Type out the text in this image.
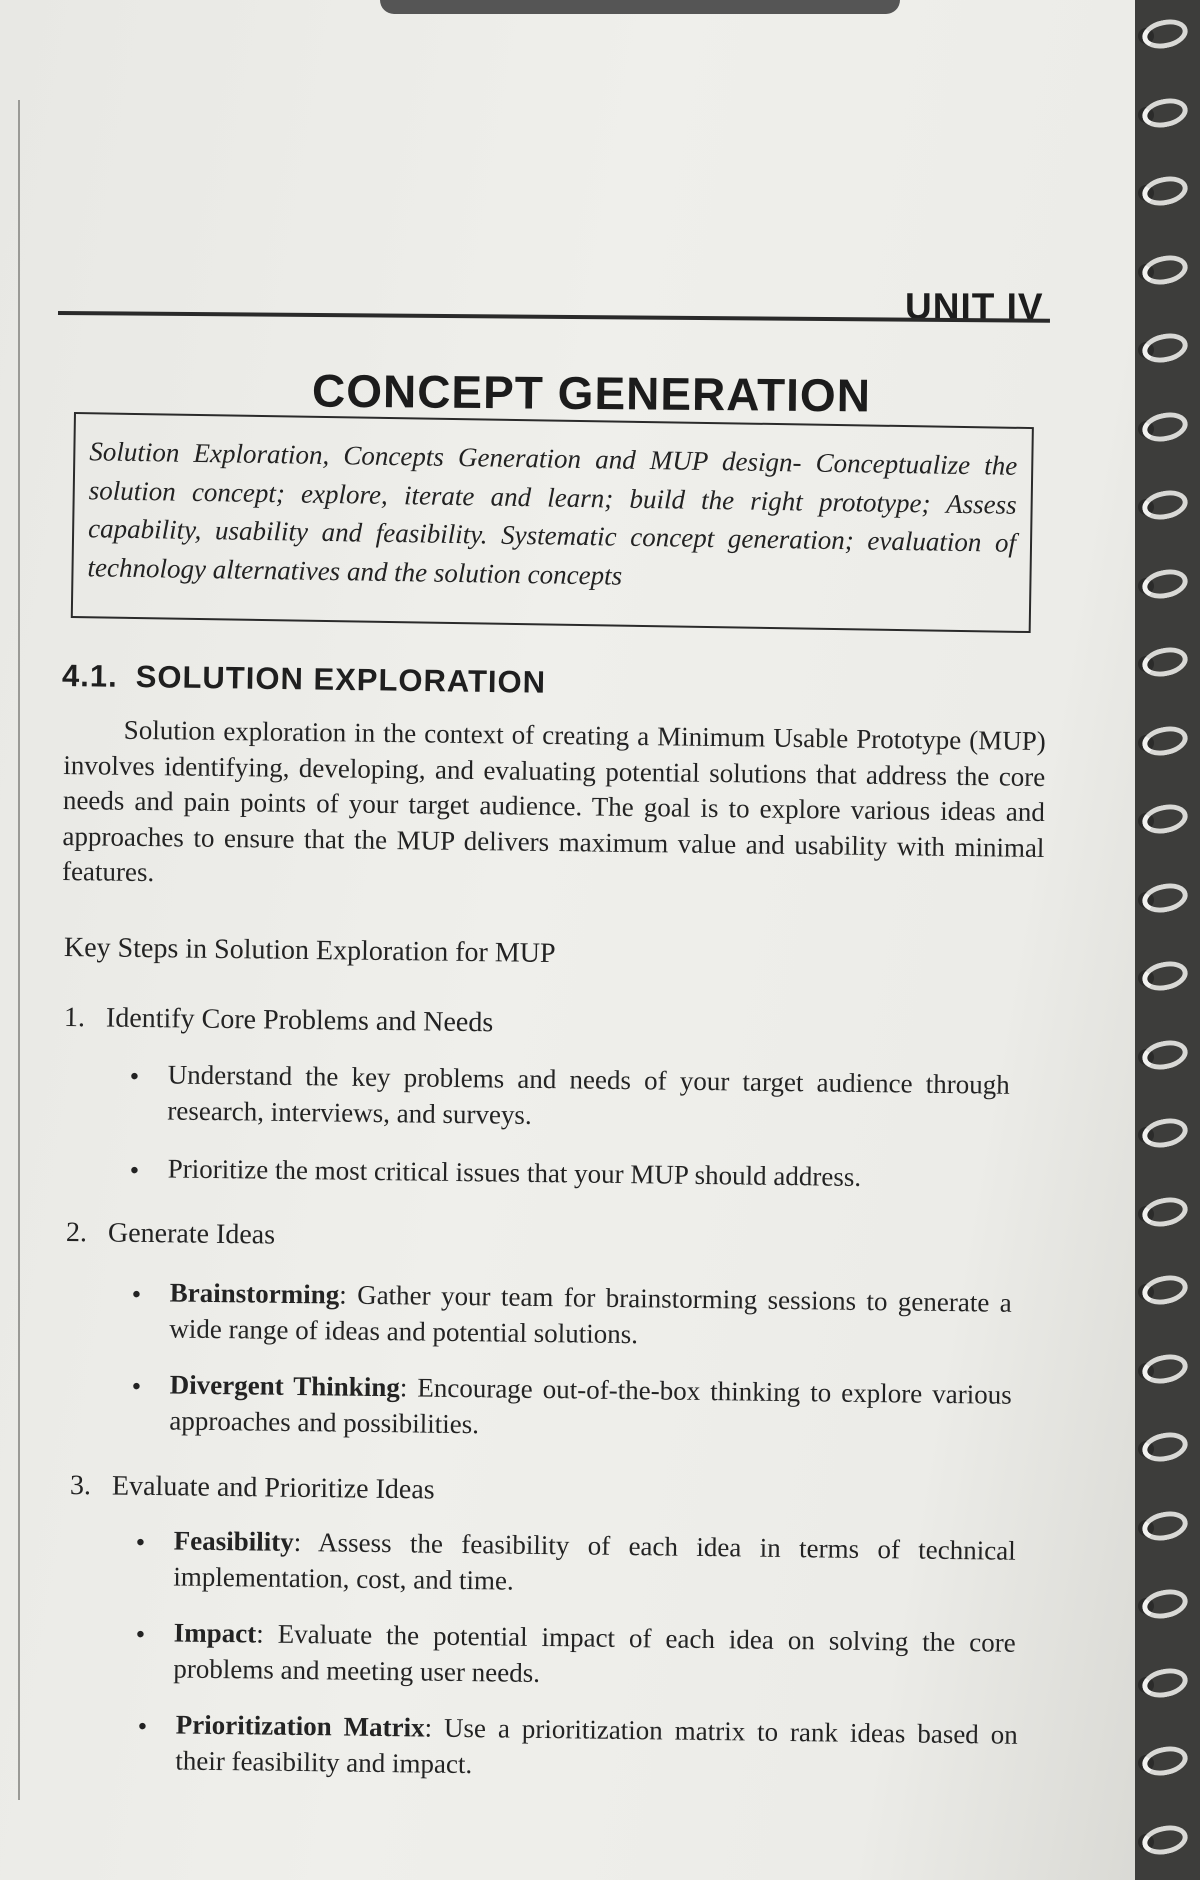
UNIT IV
CONCEPT GENERATION
Solution Exploration, Concepts Generation and MUP design- Conceptualize the solution concept; explore, iterate and learn; build the right prototype; Assess capability, usability and feasibility. Systematic concept generation; evaluation of technology alternatives and the solution concepts
4.1. SOLUTION EXPLORATION
Solution exploration in the context of creating a Minimum Usable Prototype (MUP) involves identifying, developing, and evaluating potential solutions that address the core needs and pain points of your target audience. The goal is to explore various ideas and approaches to ensure that the MUP delivers maximum value and usability with minimal features.
Key Steps in Solution Exploration for MUP
1. Identify Core Problems and Needs
• Understand the key problems and needs of your target audience through research, interviews, and surveys.
• Prioritize the most critical issues that your MUP should address.
2. Generate Ideas
• Brainstorming: Gather your team for brainstorming sessions to generate a wide range of ideas and potential solutions.
• Divergent Thinking: Encourage out-of-the-box thinking to explore various approaches and possibilities.
3. Evaluate and Prioritize Ideas
• Feasibility: Assess the feasibility of each idea in terms of technical implementation, cost, and time.
• Impact: Evaluate the potential impact of each idea on solving the core problems and meeting user needs.
• Prioritization Matrix: Use a prioritization matrix to rank ideas based on their feasibility and impact.
